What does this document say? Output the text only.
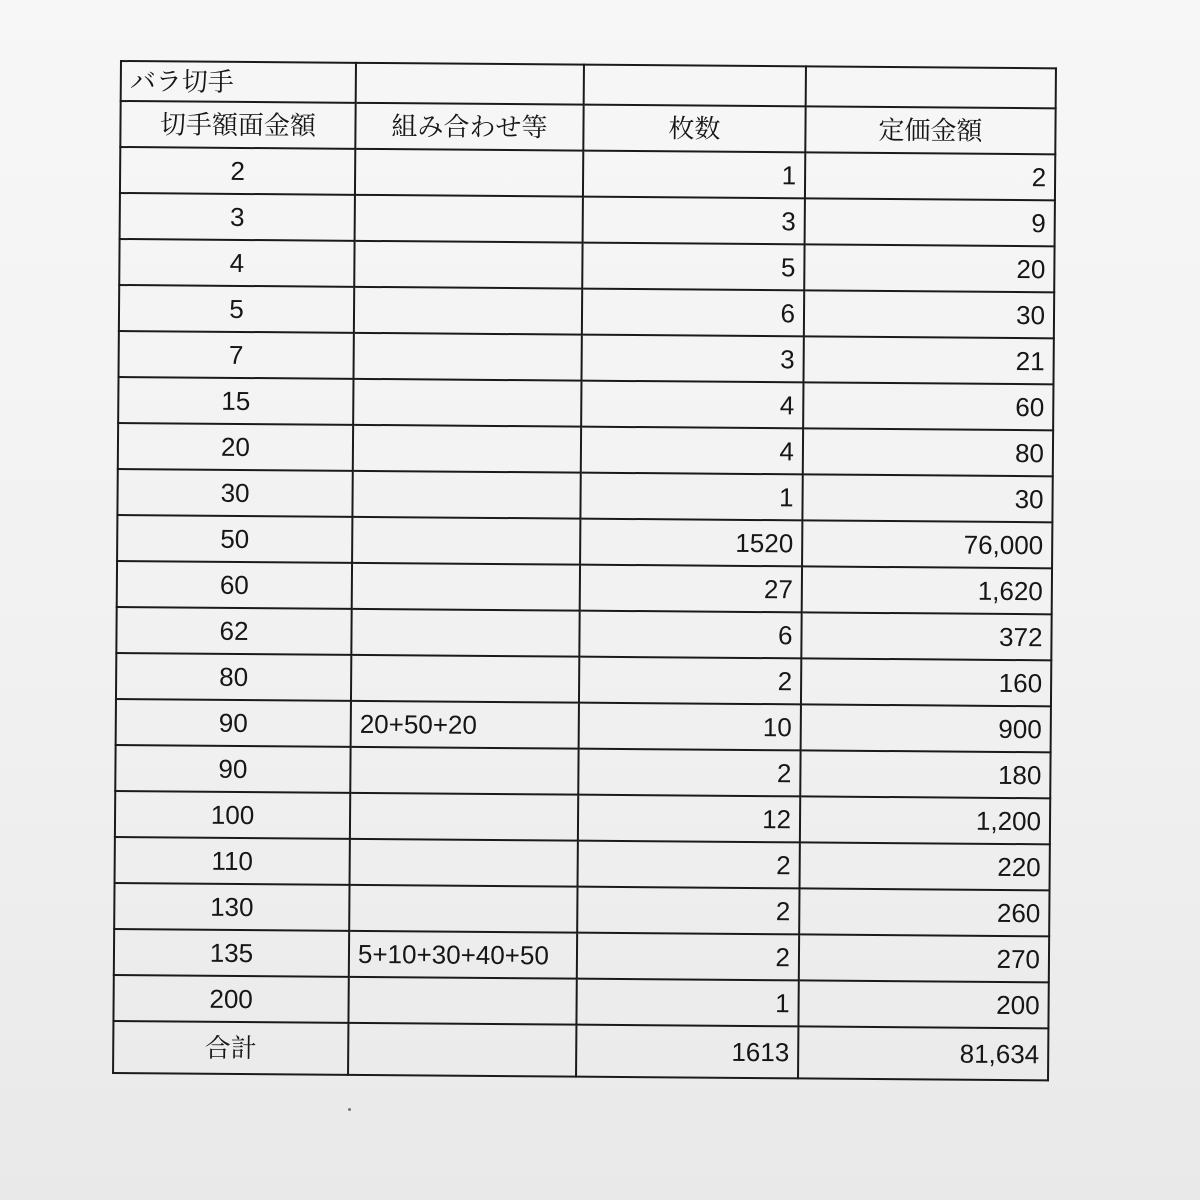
バラ切手			
切手額面金額	組み合わせ等	枚数	定価金額
2		1	2
3		3	9
4		5	20
5		6	30
7		3	21
15		4	60
20		4	80
30		1	30
50		1520	76,000
60		27	1,620
62		6	372
80		2	160
90	20+50+20	10	900
90		2	180
100		12	1,200
110		2	220
130		2	260
135	5+10+30+40+50	2	270
200		1	200
合計		1613	81,634
